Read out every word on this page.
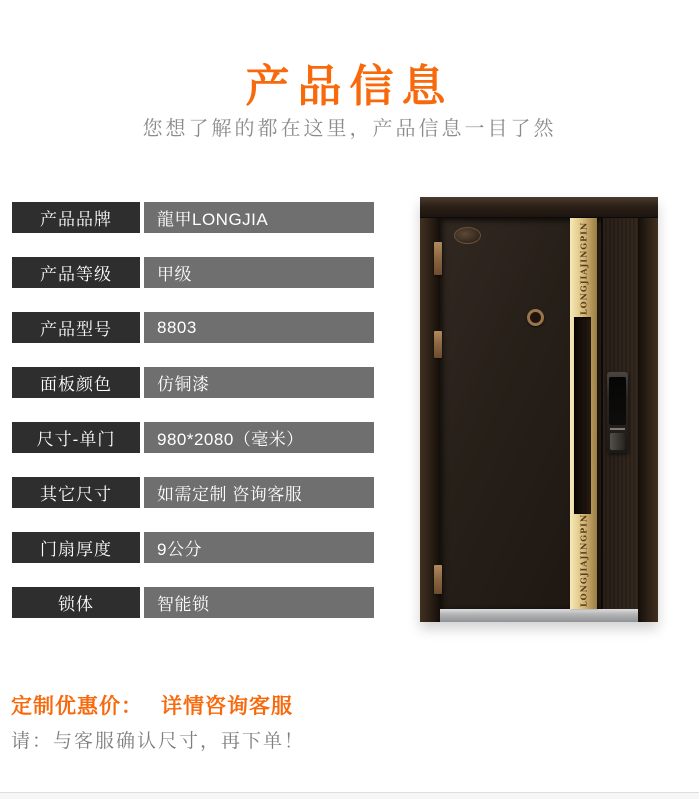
产品信息
您想了解的都在这里，产品信息一目了然
产品品牌	龍甲LONGJIA
产品等级	甲级
产品型号	8803
面板颜色	仿铜漆
尺寸-单门	980*2080（毫米）
其它尺寸	如需定制 咨询客服
门扇厚度	9公分
锁体	智能锁
LONGJIAJINGPIN
LONGJIAJINGPIN
定制优惠价： 详情咨询客服
请：与客服确认尺寸，再下单！
